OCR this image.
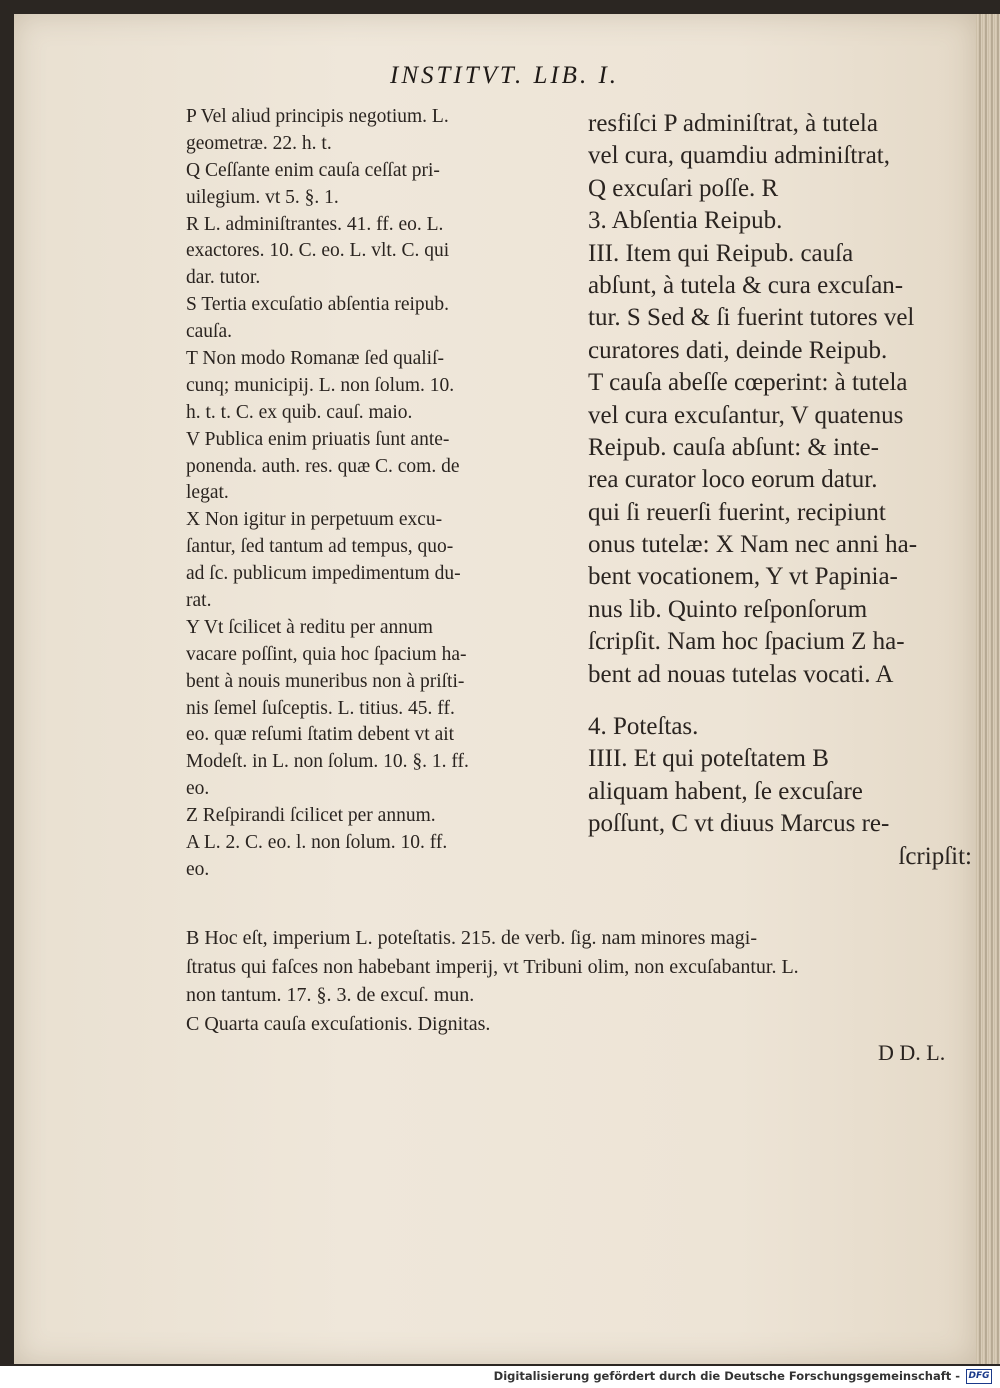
INSTITVT. LIB. I.
P Vel aliud principis negotium. L.
geometræ. 22. h. t.
Q Ceſſante enim cauſa ceſſat pri-
uilegium. vt 5. §. 1.
R L. adminiſtrantes. 41. ff. eo. L.
exactores. 10. C. eo. L. vlt. C. qui
dar. tutor.
S Tertia excuſatio abſentia reipub.
cauſa.
T Non modo Romanæ ſed qualiſ-
cunq; municipij. L. non ſolum. 10.
h. t. t. C. ex quib. cauſ. maio.
V Publica enim priuatis ſunt ante-
ponenda. auth. res. quæ C. com. de
legat.
X Non igitur in perpetuum excu-
ſantur, ſed tantum ad tempus, quo-
ad ſc. publicum impedimentum du-
rat.
Y Vt ſcilicet à reditu per annum
vacare poſſint, quia hoc ſpacium ha-
bent à nouis muneribus non à priſti-
nis ſemel ſuſceptis. L. titius. 45. ff.
eo. quæ reſumi ſtatim debent vt ait
Modeſt. in L. non ſolum. 10. §. 1. ff.
eo.
Z Reſpirandi ſcilicet per annum.
A L. 2. C. eo. l. non ſolum. 10. ff.
eo.
resfiſci P adminiſtrat, à tutela
vel cura, quamdiu adminiſtrat,
Q excuſari poſſe. R
3. Abſentia Reipub.
III. Item qui Reipub. cauſa
abſunt, à tutela & cura excuſan-
tur. S Sed & ſi fuerint tutores vel
curatores dati, deinde Reipub.
T cauſa abeſſe cœperint: à tutela
vel cura excuſantur, V quatenus
Reipub. cauſa abſunt: & inte-
rea curator loco eorum datur.
qui ſi reuerſi fuerint, recipiunt
onus tutelæ: X Nam nec anni ha-
bent vocationem, Y vt Papinia-
nus lib. Quinto reſponſorum
ſcripſit. Nam hoc ſpacium Z ha-
bent ad nouas tutelas vocati. A
4. Poteſtas.
IIII. Et qui poteſtatem B
aliquam habent, ſe excuſare
poſſunt, C vt diuus Marcus re-
ſcripſit:
B Hoc eſt, imperium L. poteſtatis. 215. de verb. ſig. nam minores magi-
ſtratus qui faſces non habebant imperij, vt Tribuni olim, non excuſabantur. L.
non tantum. 17. §. 3. de excuſ. mun.
C Quarta cauſa excuſationis. Dignitas.
D D. L.
Digitalisierung gefördert durch die Deutsche Forschungsgemeinschaft - DFG
